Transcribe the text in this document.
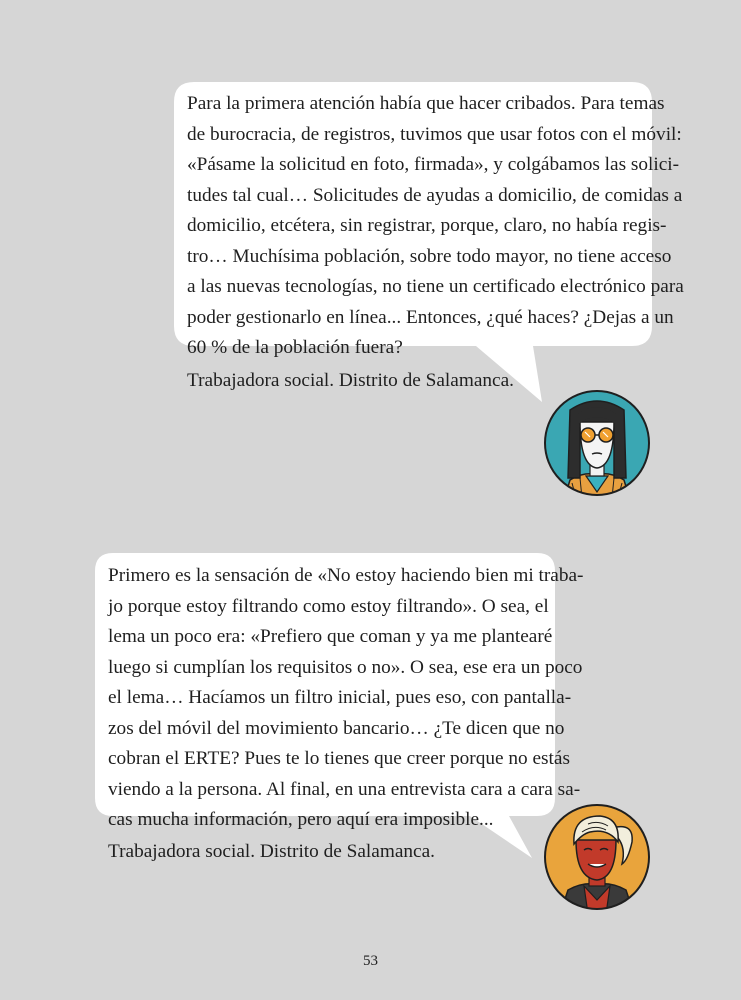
Para la primera atención había que hacer cribados. Para temas
de burocracia, de registros, tuvimos que usar fotos con el móvil:
«Pásame la solicitud en foto, firmada», y colgábamos las solici-
tudes tal cual… Solicitudes de ayudas a domicilio, de comidas a
domicilio, etcétera, sin registrar, porque, claro, no había regis-
tro… Muchísima población, sobre todo mayor, no tiene acceso
a las nuevas tecnologías, no tiene un certificado electrónico para
poder gestionarlo en línea... Entonces, ¿qué haces? ¿Dejas a un
60 % de la población fuera?
Trabajadora social. Distrito de Salamanca.
Primero es la sensación de «No estoy haciendo bien mi traba-
jo porque estoy filtrando como estoy filtrando». O sea, el
lema un poco era: «Prefiero que coman y ya me plantearé
luego si cumplían los requisitos o no». O sea, ese era un poco
el lema… Hacíamos un filtro inicial, pues eso, con pantalla-
zos del móvil del movimiento bancario… ¿Te dicen que no
cobran el ERTE? Pues te lo tienes que creer porque no estás
viendo a la persona. Al final, en una entrevista cara a cara sa-
cas mucha información, pero aquí era imposible...
Trabajadora social. Distrito de Salamanca.
53
